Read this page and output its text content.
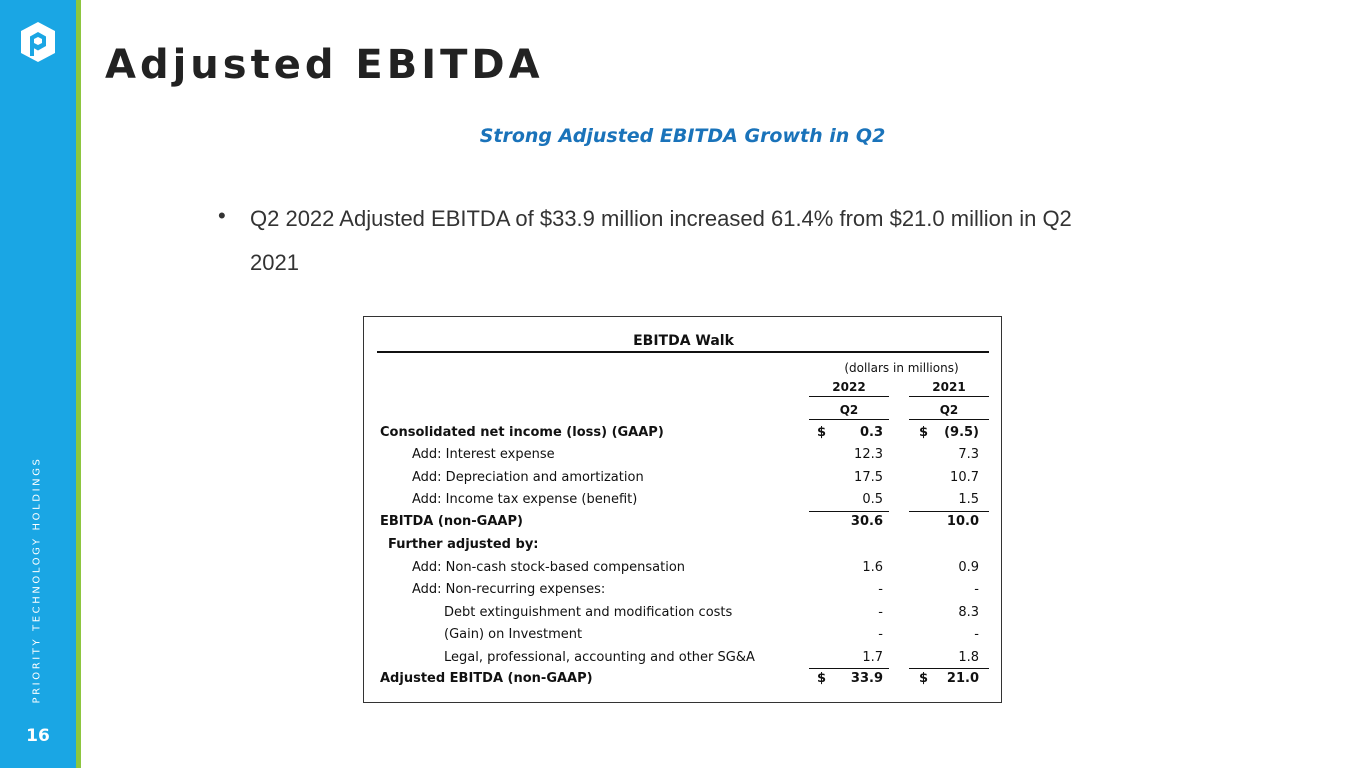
PRIORITY TECHNOLOGY HOLDINGS
16
Adjusted EBITDA
Strong Adjusted EBITDA Growth in Q2
• Q2 2022 Adjusted EBITDA of $33.9 million increased 61.4% from $21.0 million in Q2 2021
EBITDA Walk
(dollars in millions)
2022	2021
Q2	Q2
Consolidated net income (loss) (GAAP)	$	0.3	$	(9.5)
Add: Interest expense	12.3	7.3
Add: Depreciation and amortization	17.5	10.7
Add: Income tax expense (benefit)	0.5	1.5
EBITDA (non-GAAP)	30.6	10.0
Further adjusted by:
Add: Non-cash stock-based compensation	1.6	0.9
Add: Non-recurring expenses:	-	-
Debt extinguishment and modification costs	-	8.3
(Gain) on Investment	-	-
Legal, professional, accounting and other SG&A	1.7	1.8
Adjusted EBITDA (non-GAAP)	$	33.9	$	21.0
